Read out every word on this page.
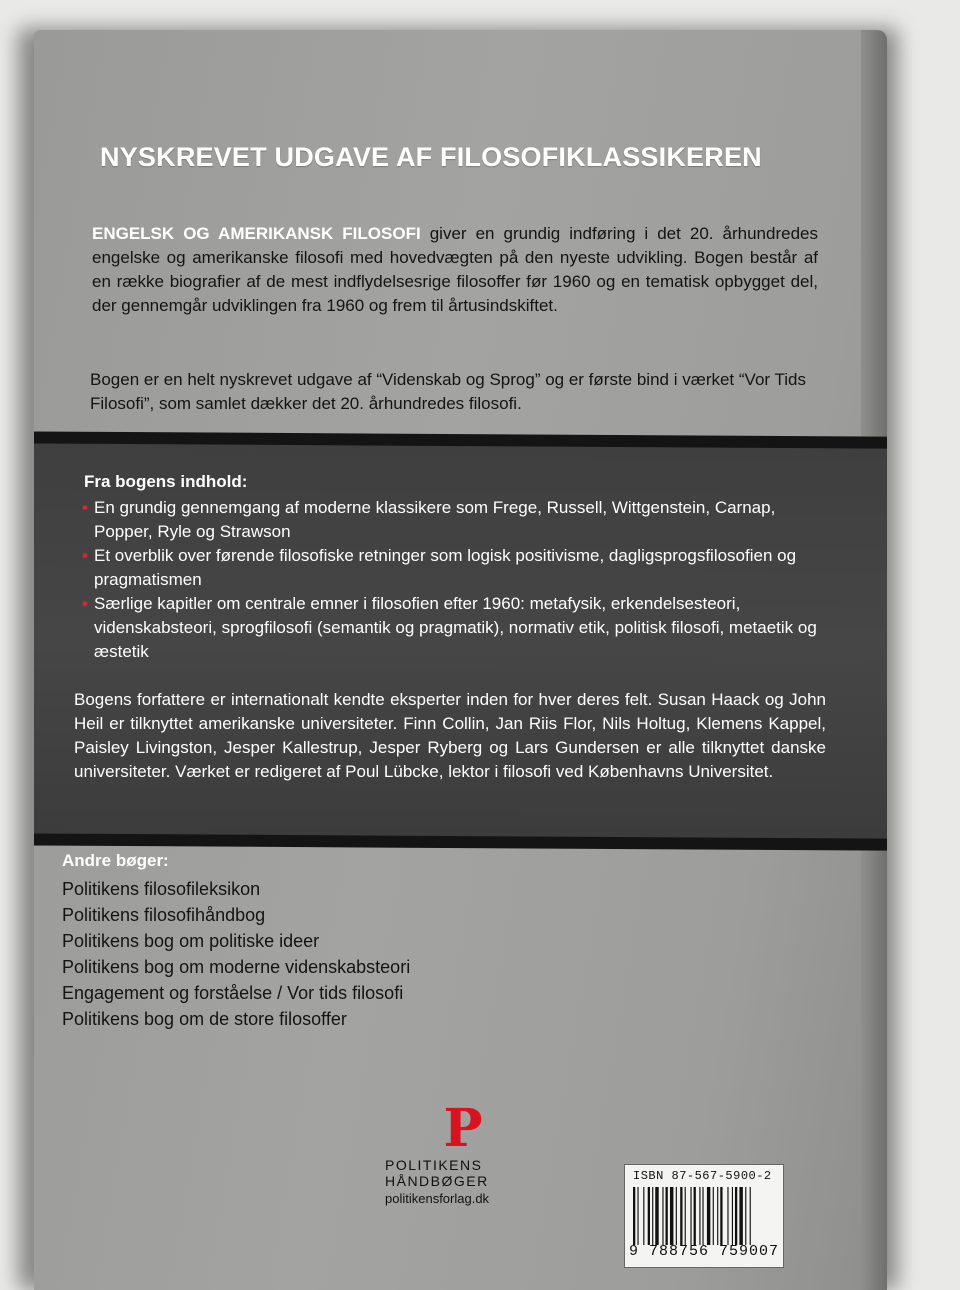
NYSKREVET UDGAVE AF FILOSOFIKLASSIKEREN
ENGELSK OG AMERIKANSK FILOSOFI giver en grundig indføring i det 20. århundredes engelske og amerikanske filosofi med hovedvægten på den nyeste udvikling. Bogen består af en række biografier af de mest indflydelsesrige filosoffer før 1960 og en tematisk opbygget del, der gennemgår udviklingen fra 1960 og frem til årtusindskiftet.
Bogen er en helt nyskrevet udgave af “Videnskab og Sprog” og er første bind i værket “Vor Tids Filosofi”, som samlet dækker det 20. århundredes filosofi.
Fra bogens indhold:
• En grundig gennemgang af moderne klassikere som Frege, Russell, Wittgenstein, Carnap, Popper, Ryle og Strawson
• Et overblik over førende filosofiske retninger som logisk positivisme, dagligsprogsfilosofien og pragmatismen
• Særlige kapitler om centrale emner i filosofien efter 1960: metafysik, erkendelsesteori, videnskabsteori, sprogfilosofi (semantik og pragmatik), normativ etik, politisk filosofi, metaetik og æstetik
Bogens forfattere er internationalt kendte eksperter inden for hver deres felt. Susan Haack og John Heil er tilknyttet amerikanske universiteter. Finn Collin, Jan Riis Flor, Nils Holtug, Klemens Kappel, Paisley Livingston, Jesper Kallestrup, Jesper Ryberg og Lars Gundersen er alle tilknyttet danske universiteter. Værket er redigeret af Poul Lübcke, lektor i filosofi ved Københavns Universitet.
Andre bøger:
Politikens filosofileksikon
Politikens filosofihåndbog
Politikens bog om politiske ideer
Politikens bog om moderne videnskabsteori
Engagement og forståelse / Vor tids filosofi
Politikens bog om de store filosoffer
P
POLITIKENS
HÅNDBØGER
politikensforlag.dk
ISBN 87-567-5900-2
9 788756 759007
